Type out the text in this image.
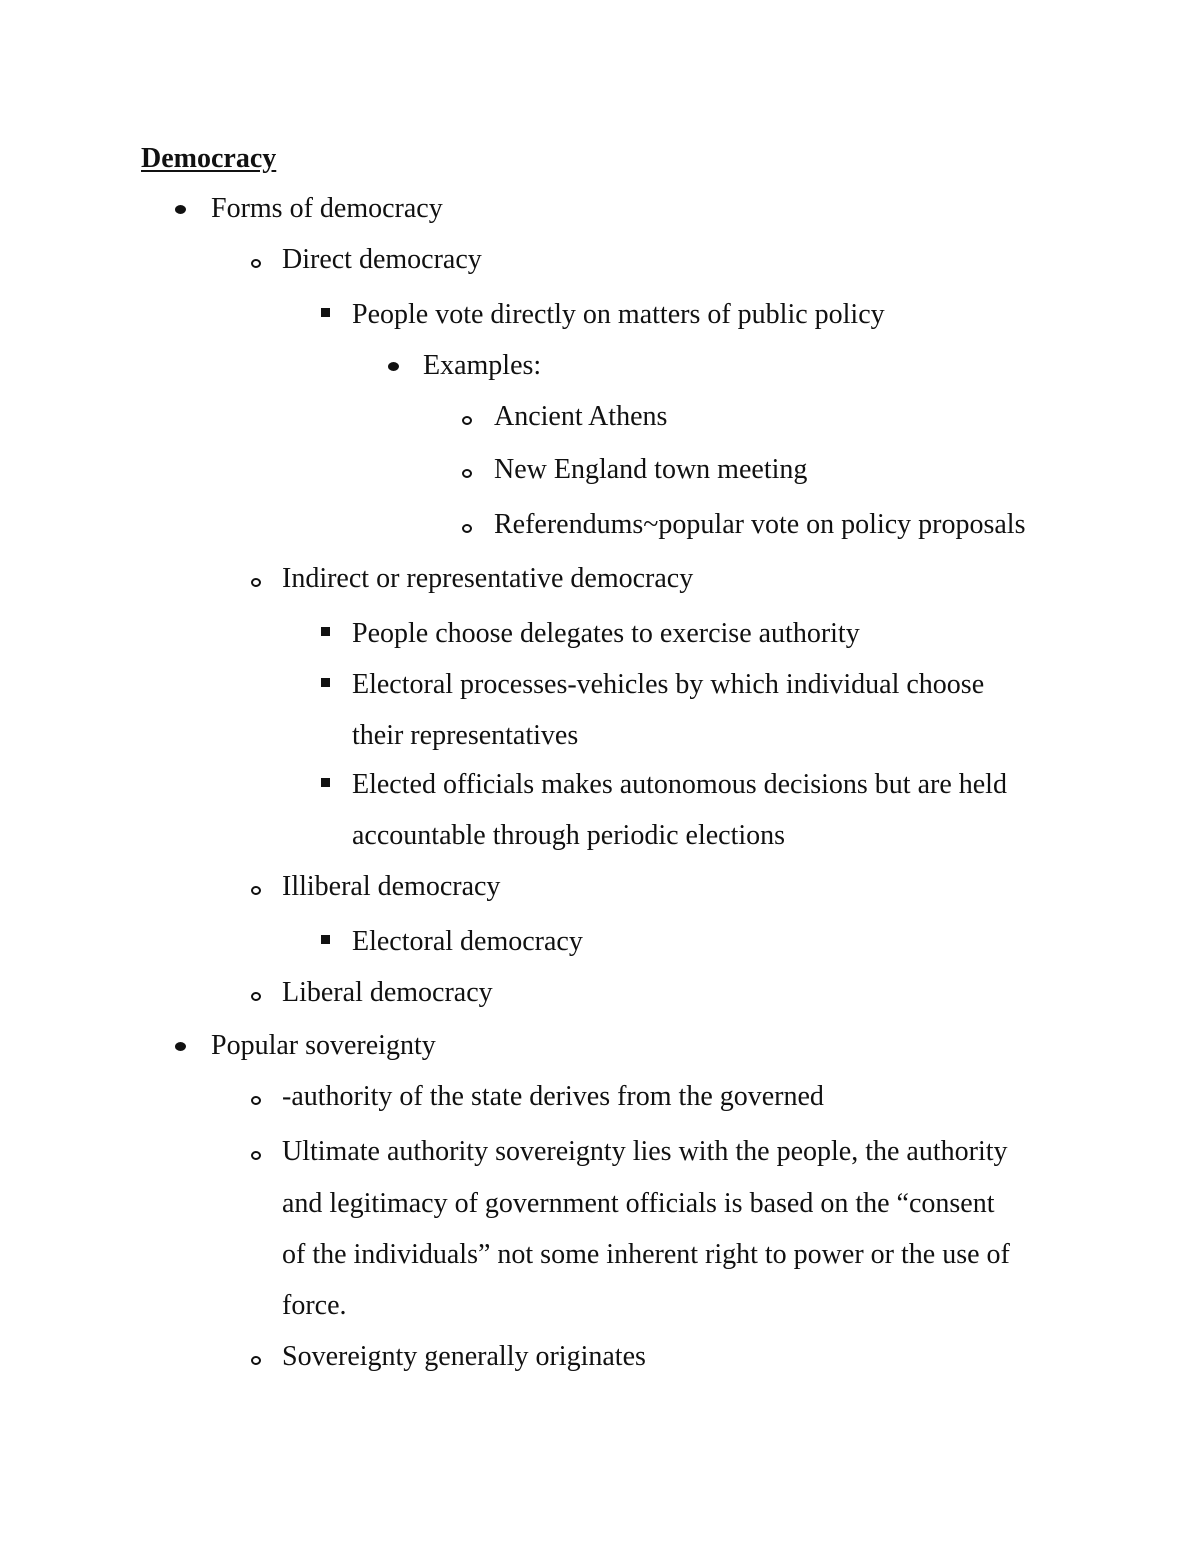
Democracy
Forms of democracy
Direct democracy
People vote directly on matters of public policy
Examples:
Ancient Athens
New England town meeting
Referendums~popular vote on policy proposals
Indirect or representative democracy
People choose delegates to exercise authority
Electoral processes-vehicles by which individual choose
their representatives
Elected officials makes autonomous decisions but are held
accountable through periodic elections
Illiberal democracy
Electoral democracy
Liberal democracy
Popular sovereignty
-authority of the state derives from the governed
Ultimate authority sovereignty lies with the people, the authority
and legitimacy of government officials is based on the “consent
of the individuals” not some inherent right to power or the use of
force.
Sovereignty generally originates
